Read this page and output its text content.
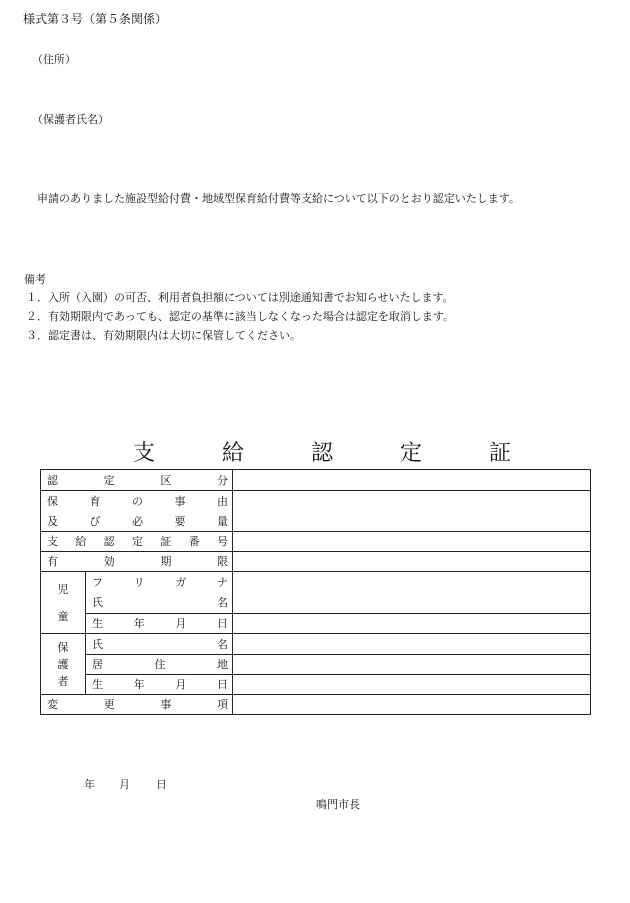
様式第３号（第５条関係）
（住所）
（保護者氏名）
申請のありました施設型給付費・地域型保育給付費等支給について以下のとおり認定いたします。
備考
１．入所（入園）の可否、利用者負担額については別途通知書でお知らせいたします。
２．有効期限内であっても、認定の基準に該当しなくなった場合は認定を取消します。
３．認定書は、有効期限内は大切に保管してください。
支	給	認	定	証
認	定	区	分
保	育	の	事	由
及	び	必	要	量
支 給 認 定 証 番 号
有	効	期	限
児
童
フ	リ	ガ	ナ
氏	名
生	年	月	日
保
護
者
氏	名
居	住	地
生	年	月	日
変	更	事	項
年 月 日
鳴門市長
